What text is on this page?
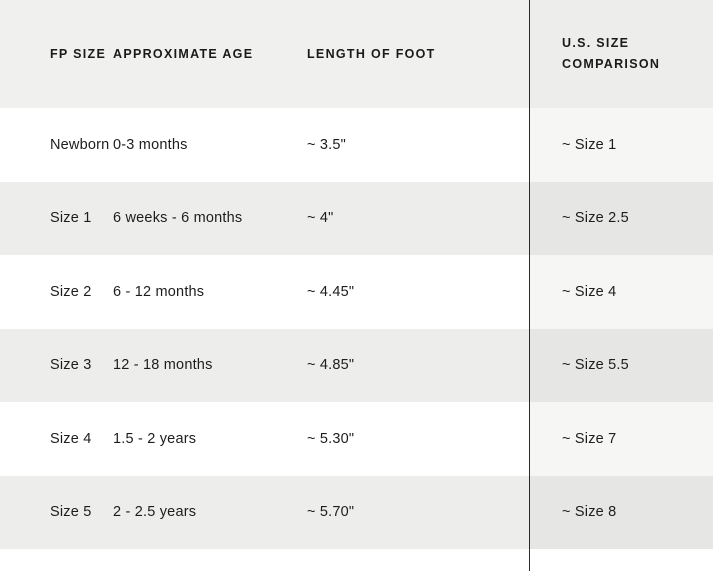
FP SIZE	APPROXIMATE AGE	LENGTH OF FOOT	U.S. SIZE COMPARISON
Newborn	0-3 months	~ 3.5"	~ Size 1
Size 1	6 weeks - 6 months	~ 4"	~ Size 2.5
Size 2	6 - 12 months	~ 4.45"	~ Size 4
Size 3	12 - 18 months	~ 4.85"	~ Size 5.5
Size 4	1.5 - 2 years	~ 5.30"	~ Size 7
Size 5	2 - 2.5 years	~ 5.70"	~ Size 8
